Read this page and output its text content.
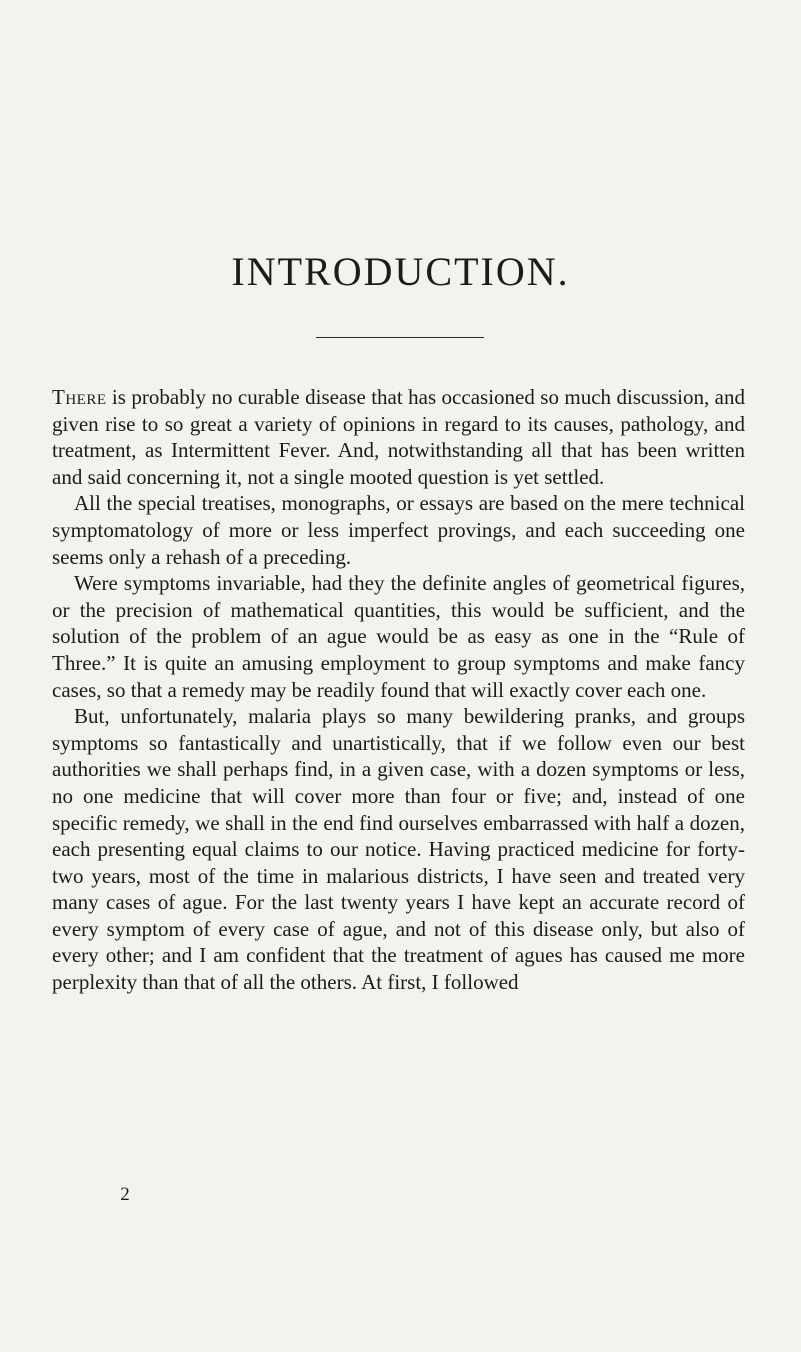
INTRODUCTION.

There is probably no curable disease that has occasioned so much discussion, and given rise to so great a variety of opinions in regard to its causes, pathology, and treatment, as Intermittent Fever. And, notwithstanding all that has been written and said concerning it, not a single mooted question is yet settled.

All the special treatises, monographs, or essays are based on the mere technical symptomatology of more or less imperfect provings, and each succeeding one seems only a rehash of a preceding.

Were symptoms invariable, had they the definite angles of geometrical figures, or the precision of mathematical quantities, this would be sufficient, and the solution of the problem of an ague would be as easy as one in the “Rule of Three.” It is quite an amusing employment to group symptoms and make fancy cases, so that a remedy may be readily found that will exactly cover each one.

But, unfortunately, malaria plays so many bewildering pranks, and groups symptoms so fantastically and unartistically, that if we follow even our best authorities we shall perhaps find, in a given case, with a dozen symptoms or less, no one medicine that will cover more than four or five; and, instead of one specific remedy, we shall in the end find ourselves embarrassed with half a dozen, each presenting equal claims to our notice. Having practiced medicine for forty-two years, most of the time in malarious districts, I have seen and treated very many cases of ague. For the last twenty years I have kept an accurate record of every symptom of every case of ague, and not of this disease only, but also of every other; and I am confident that the treatment of agues has caused me more perplexity than that of all the others. At first, I followed

2
